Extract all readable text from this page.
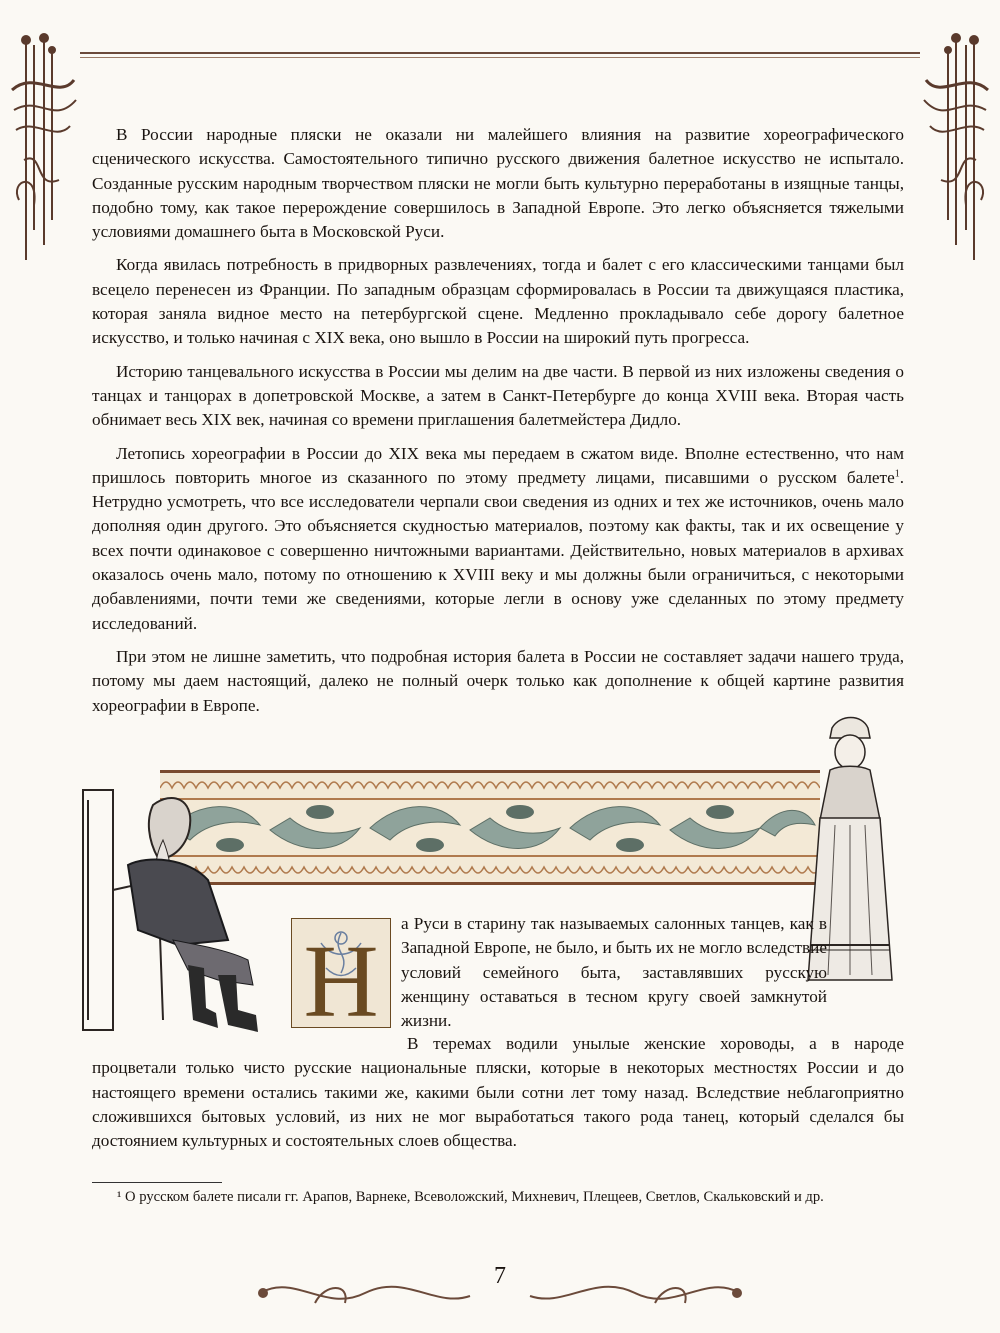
В России народные пляски не оказали ни малейшего влияния на развитие хореографического сценического искусства. Самостоятельного типично русского движения балетное искусство не испытало. Созданные русским народным творчеством пляски не могли быть культурно переработаны в изящные танцы, подобно тому, как такое перерождение совершилось в Западной Европе. Это легко объясняется тяжелыми условиями домашнего быта в Московской Руси.

Когда явилась потребность в придворных развлечениях, тогда и балет с его классическими танцами был всецело перенесен из Франции. По западным образцам сформировалась в России та движущаяся пластика, которая заняла видное место на петербургской сцене. Медленно прокладывало себе дорогу балетное искусство, и только начиная с XIX века, оно вышло в России на широкий путь прогресса.

Историю танцевального искусства в России мы делим на две части. В первой из них изложены сведения о танцах и танцорах в допетровской Москве, а затем в Санкт-Петербурге до конца XVIII века. Вторая часть обнимает весь XIX век, начиная со времени приглашения балетмейстера Дидло.

Летопись хореографии в России до XIX века мы передаем в сжатом виде. Вполне естественно, что нам пришлось повторить многое из сказанного по этому предмету лицами, писавшими о русском балете$^1$. Нетрудно усмотреть, что все исследователи черпали свои сведения из одних и тех же источников, очень мало дополняя один другого. Это объясняется скудностью материалов, поэтому как факты, так и их освещение у всех почти одинаковое с совершенно ничтожными вариантами. Действительно, новых материалов в архивах оказалось очень мало, потому по отношению к XVIII веку и мы должны были ограничиться, с некоторыми добавлениями, почти теми же сведениями, которые легли в основу уже сделанных по этому предмету исследований.

При этом не лишне заметить, что подробная история балета в России не составляет задачи нашего труда, потому мы даем настоящий, далеко не полный очерк только как дополнение к общей картине развития хореографии в Европе.

Н

а Руси в старину так называемых салонных танцев, как в Западной Европе, не было, и быть их не могло вследствие условий семейного быта, заставлявших русскую женщину оставаться в тесном кругу своей замкнутой жизни.

В теремах водили унылые женские хороводы, а в народе процветали только чисто русские национальные пляски, которые в некоторых местностях России и до настоящего времени остались такими же, какими были сотни лет тому назад. Вследствие неблагоприятно сложившихся бытовых условий, из них не мог выработаться такого рода танец, который сделался бы достоянием культурных и состоятельных слоев общества.

¹ О русском балете писали гг. Арапов, Варнеке, Всеволожский, Михневич, Плещеев, Светлов, Скальковский и др.

7
